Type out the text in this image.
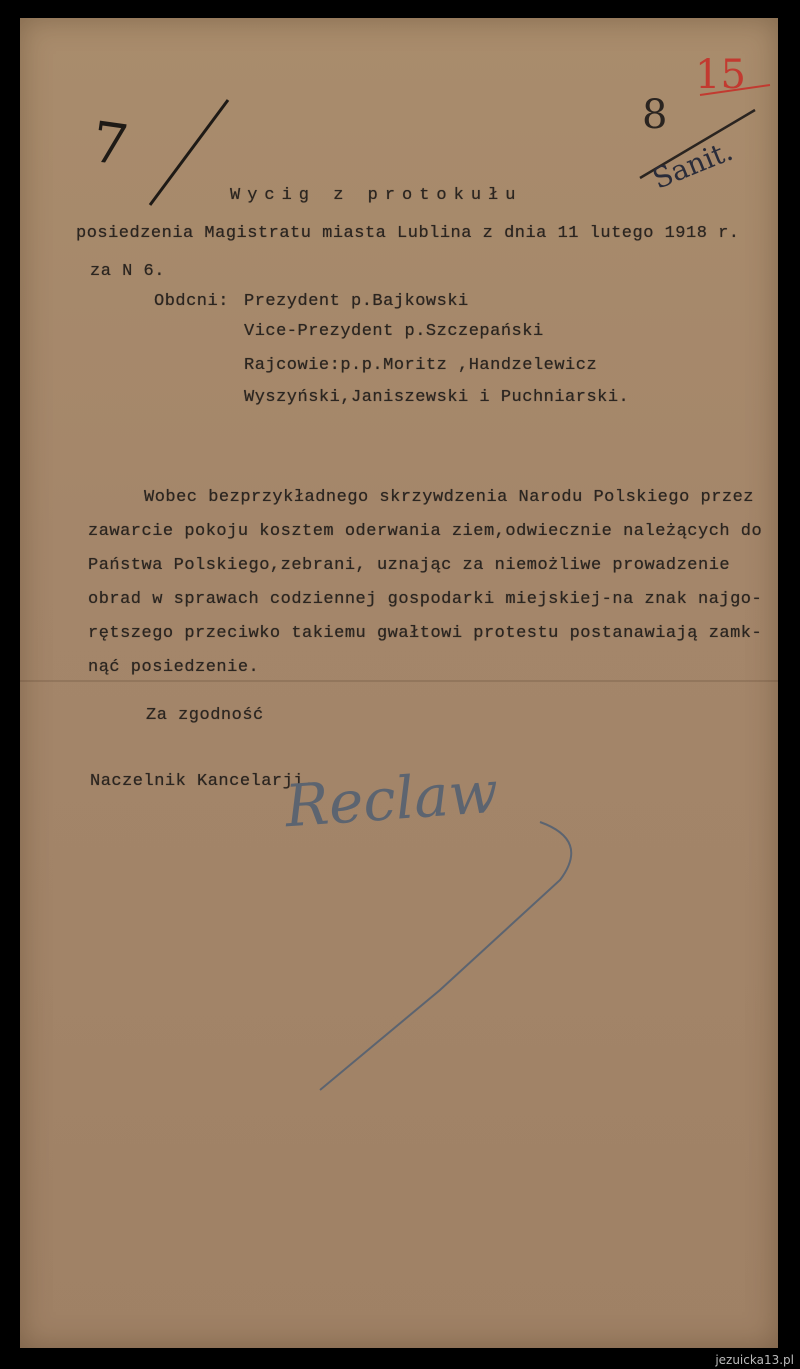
7	8
15
Sanit.
Wycig z protokułu
posiedzenia Magistratu miasta Lublina z dnia 11 lutego 1918 r.
za N 6.
Obdcni: Prezydent p.Bajkowski
Vice-Prezydent p.Szczepański
Rajcowie:p.p.Moritz ,Handzelewicz
Wyszyński,Janiszewski i Puchniarski.
Wobec bezprzykładnego skrzywdzenia Narodu Polskiego przez
zawarcie pokoju kosztem oderwania ziem,odwiecznie należących do
Państwa Polskiego,zebrani, uznając za niemożliwe prowadzenie
obrad w sprawach codziennej gospodarki miejskiej-na znak najgo-
rętszego przeciwko takiemu gwałtowi protestu postanawiają zamk-
nąć posiedzenie.
Za zgodność
Naczelnik Kancelarji.
Reclaw
jezuicka13.pl
